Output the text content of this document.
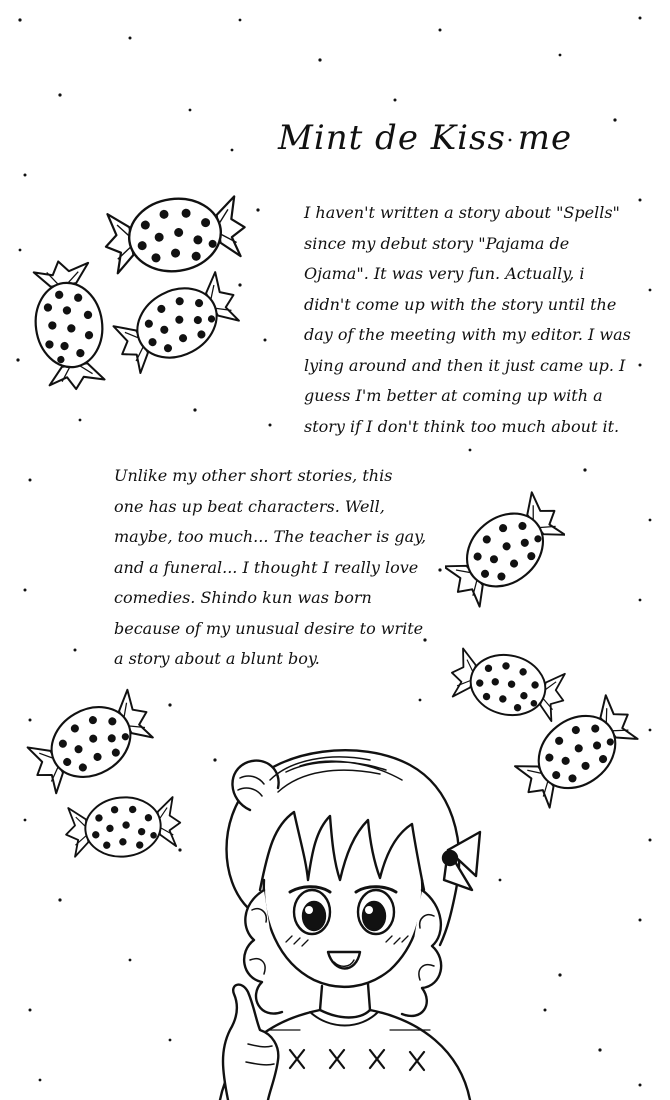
Mint de Kiss me
I haven't written a story about "Spells"
since my debut story "Pajama de
Ojama". It was very fun. Actually, i
didn't come up with the story until the
day of the meeting with my editor. I was
lying around and then it just came up. I
guess I'm better at coming up with a
story if I don't think too much about it.
Unlike my other short stories, this
one has up beat characters. Well,
maybe, too much... The teacher is gay,
and a funeral... I thought I really love
comedies. Shindo kun was born
because of my unusual desire to write
a story about a blunt boy.
